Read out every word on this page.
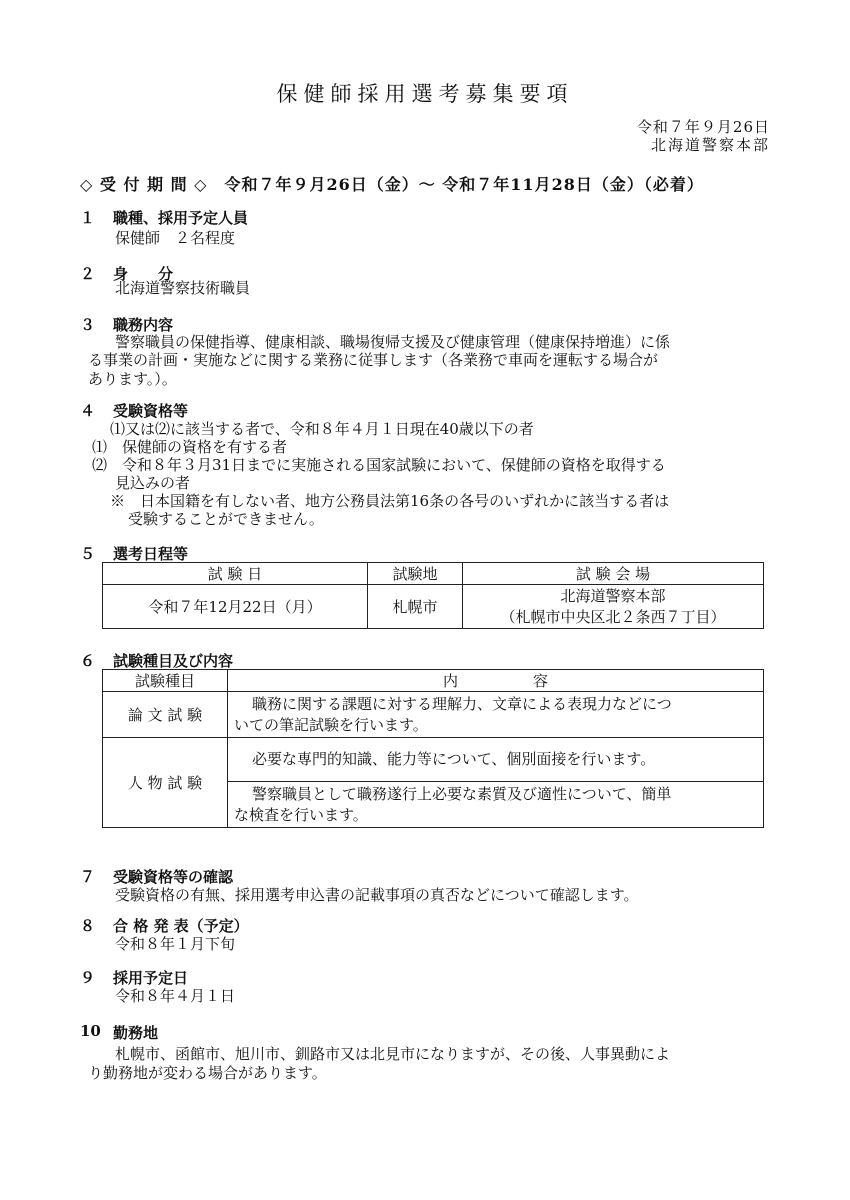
保健師採用選考募集要項
令和７年９月26日
北海道警察本部
◇ 受 付 期 間 ◇　令和７年９月26日（金）～ 令和７年11月28日（金）（必着）
１ 職種、採用予定人員
保健師　２名程度
２ 身　　分
北海道警察技術職員
３ 職務内容
警察職員の保健指導、健康相談、職場復帰支援及び健康管理（健康保持増進）に係
る事業の計画・実施などに関する業務に従事します（各業務で車両を運転する場合が
あります。）。
４ 受験資格等
⑴又は⑵に該当する者で、令和８年４月１日現在40歳以下の者
⑴　保健師の資格を有する者
⑵　令和８年３月31日までに実施される国家試験において、保健師の資格を取得する
見込みの者
※　日本国籍を有しない者、地方公務員法第16条の各号のいずれかに該当する者は
受験することができません。
５ 選考日程等
試 験 日	試験地	試 験 会 場
令和７年12月22日（月）	札幌市	北海道警察本部
（札幌市中央区北２条西７丁目）
６ 試験種目及び内容
試験種目	内　　　　　容
論 文 試 験	職務に関する課題に対する理解力、文章による表現力などにつ
いての筆記試験を行います。

人 物 試 験	必要な専門的知識、能力等について、個別面接を行います。

	警察職員として職務遂行上必要な素質及び適性について、簡単
な検査を行います。
７ 受験資格等の確認
受験資格の有無、採用選考申込書の記載事項の真否などについて確認します。
８ 合 格 発 表（予定）
令和８年１月下旬
９ 採用予定日
令和８年４月１日
10 勤務地
札幌市、函館市、旭川市、釧路市又は北見市になりますが、その後、人事異動によ
り勤務地が変わる場合があります。
